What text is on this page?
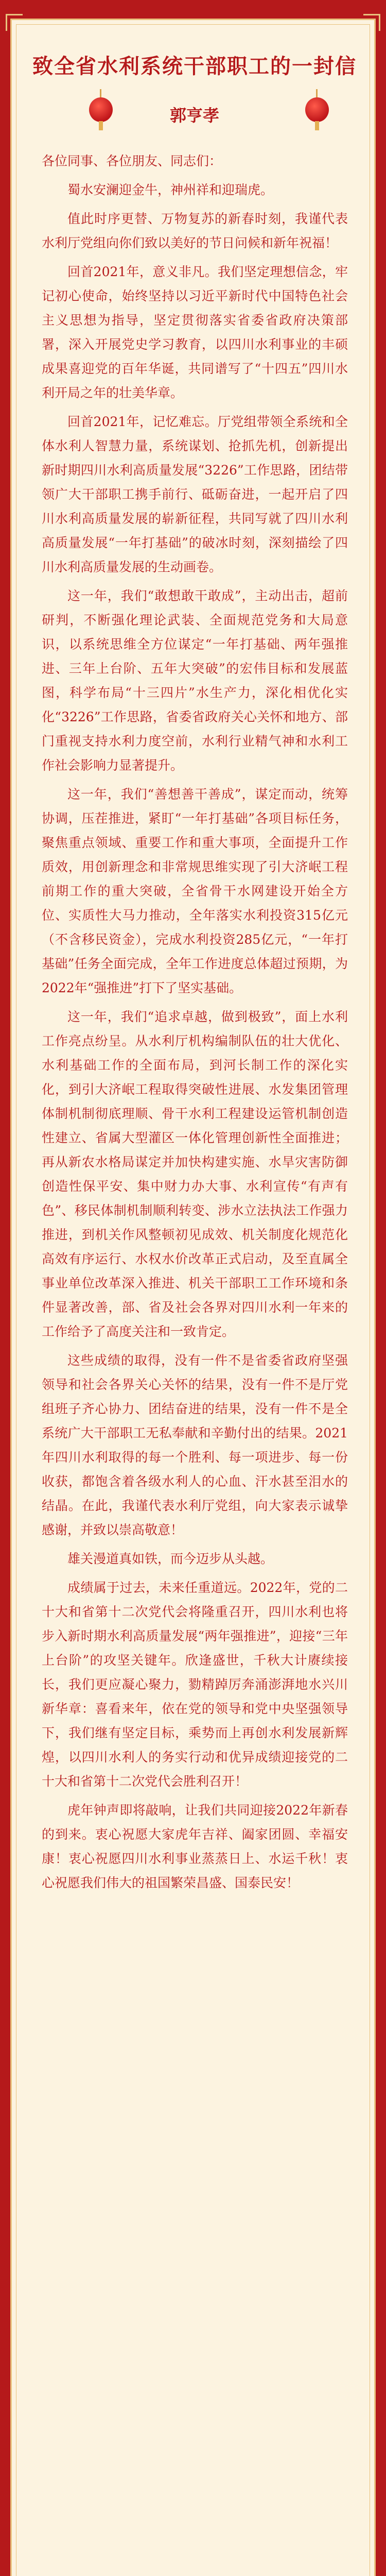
致全省水利系统干部职工的一封信
郭亨孝

各位同事、各位朋友、同志们：

蜀水安澜迎金牛，神州祥和迎瑞虎。

值此时序更替、万物复苏的新春时刻，我谨代表水利厅党组向你们致以美好的节日问候和新年祝福！

回首2021年，意义非凡。我们坚定理想信念，牢记初心使命，始终坚持以习近平新时代中国特色社会主义思想为指导，坚定贯彻落实省委省政府决策部署，深入开展党史学习教育，以四川水利事业的丰硕成果喜迎党的百年华诞，共同谱写了“十四五”四川水利开局之年的壮美华章。

回首2021年，记忆难忘。厅党组带领全系统和全体水利人智慧力量，系统谋划、抢抓先机，创新提出新时期四川水利高质量发展“3226”工作思路，团结带领广大干部职工携手前行、砥砺奋进，一起开启了四川水利高质量发展的崭新征程，共同写就了四川水利高质量发展“一年打基础”的破冰时刻，深刻描绘了四川水利高质量发展的生动画卷。

这一年，我们“敢想敢干敢成”，主动出击，超前研判，不断强化理论武装、全面规范党务和大局意识，以系统思维全方位谋定“一年打基础、两年强推进、三年上台阶、五年大突破”的宏伟目标和发展蓝图，科学布局“十三四片”水生产力，深化相优化实化“3226”工作思路，省委省政府关心关怀和地方、部门重视支持水利力度空前，水利行业精气神和水利工作社会影响力显著提升。

这一年，我们“善想善干善成”，谋定而动，统筹协调，压茬推进，紧盯“一年打基础”各项目标任务，聚焦重点领域、重要工作和重大事项，全面提升工作质效，用创新理念和非常规思维实现了引大济岷工程前期工作的重大突破，全省骨干水网建设开始全方位、实质性大马力推动，全年落实水利投资315亿元（不含移民资金），完成水利投资285亿元，“一年打基础”任务全面完成，全年工作进度总体超过预期，为2022年“强推进”打下了坚实基础。

这一年，我们“追求卓越，做到极致”，面上水利工作亮点纷呈。从水利厅机构编制队伍的壮大优化、水利基础工作的全面布局，到河长制工作的深化实化，到引大济岷工程取得突破性进展、水发集团管理体制机制彻底理顺、骨干水利工程建设运管机制创造性建立、省属大型灌区一体化管理创新性全面推进；再从新农水格局谋定并加快构建实施、水旱灾害防御创造性保平安、集中财力办大事、水利宣传“有声有色”、移民体制机制顺利转变、涉水立法执法工作强力推进，到机关作风整顿初见成效、机关制度化规范化高效有序运行、水权水价改革正式启动，及至直属全事业单位改革深入推进、机关干部职工工作环境和条件显著改善，部、省及社会各界对四川水利一年来的工作给予了高度关注和一致肯定。

这些成绩的取得，没有一件不是省委省政府坚强领导和社会各界关心关怀的结果，没有一件不是厅党组班子齐心协力、团结奋进的结果，没有一件不是全系统广大干部职工无私奉献和辛勤付出的结果。2021年四川水利取得的每一个胜利、每一项进步、每一份收获，都饱含着各级水利人的心血、汗水甚至泪水的结晶。在此，我谨代表水利厅党组，向大家表示诚挚感谢，并致以崇高敬意！

雄关漫道真如铁，而今迈步从头越。

成绩属于过去，未来任重道远。2022年，党的二十大和省第十二次党代会将隆重召开，四川水利也将步入新时期水利高质量发展“两年强推进”，迎接“三年上台阶”的攻坚关键年。欣逢盛世，千秋大计赓续接长，我们更应凝心聚力，勠精踔厉奔涌澎湃地水兴川新华章：喜看来年，依在党的领导和党中央坚强领导下，我们继有坚定目标，乘势而上再创水利发展新辉煌，以四川水利人的务实行动和优异成绩迎接党的二十大和省第十二次党代会胜利召开！

虎年钟声即将敲响，让我们共同迎接2022年新春的到来。衷心祝愿大家虎年吉祥、阖家团圆、幸福安康！衷心祝愿四川水利事业蒸蒸日上、水运千秋！衷心祝愿我们伟大的祖国繁荣昌盛、国泰民安！
